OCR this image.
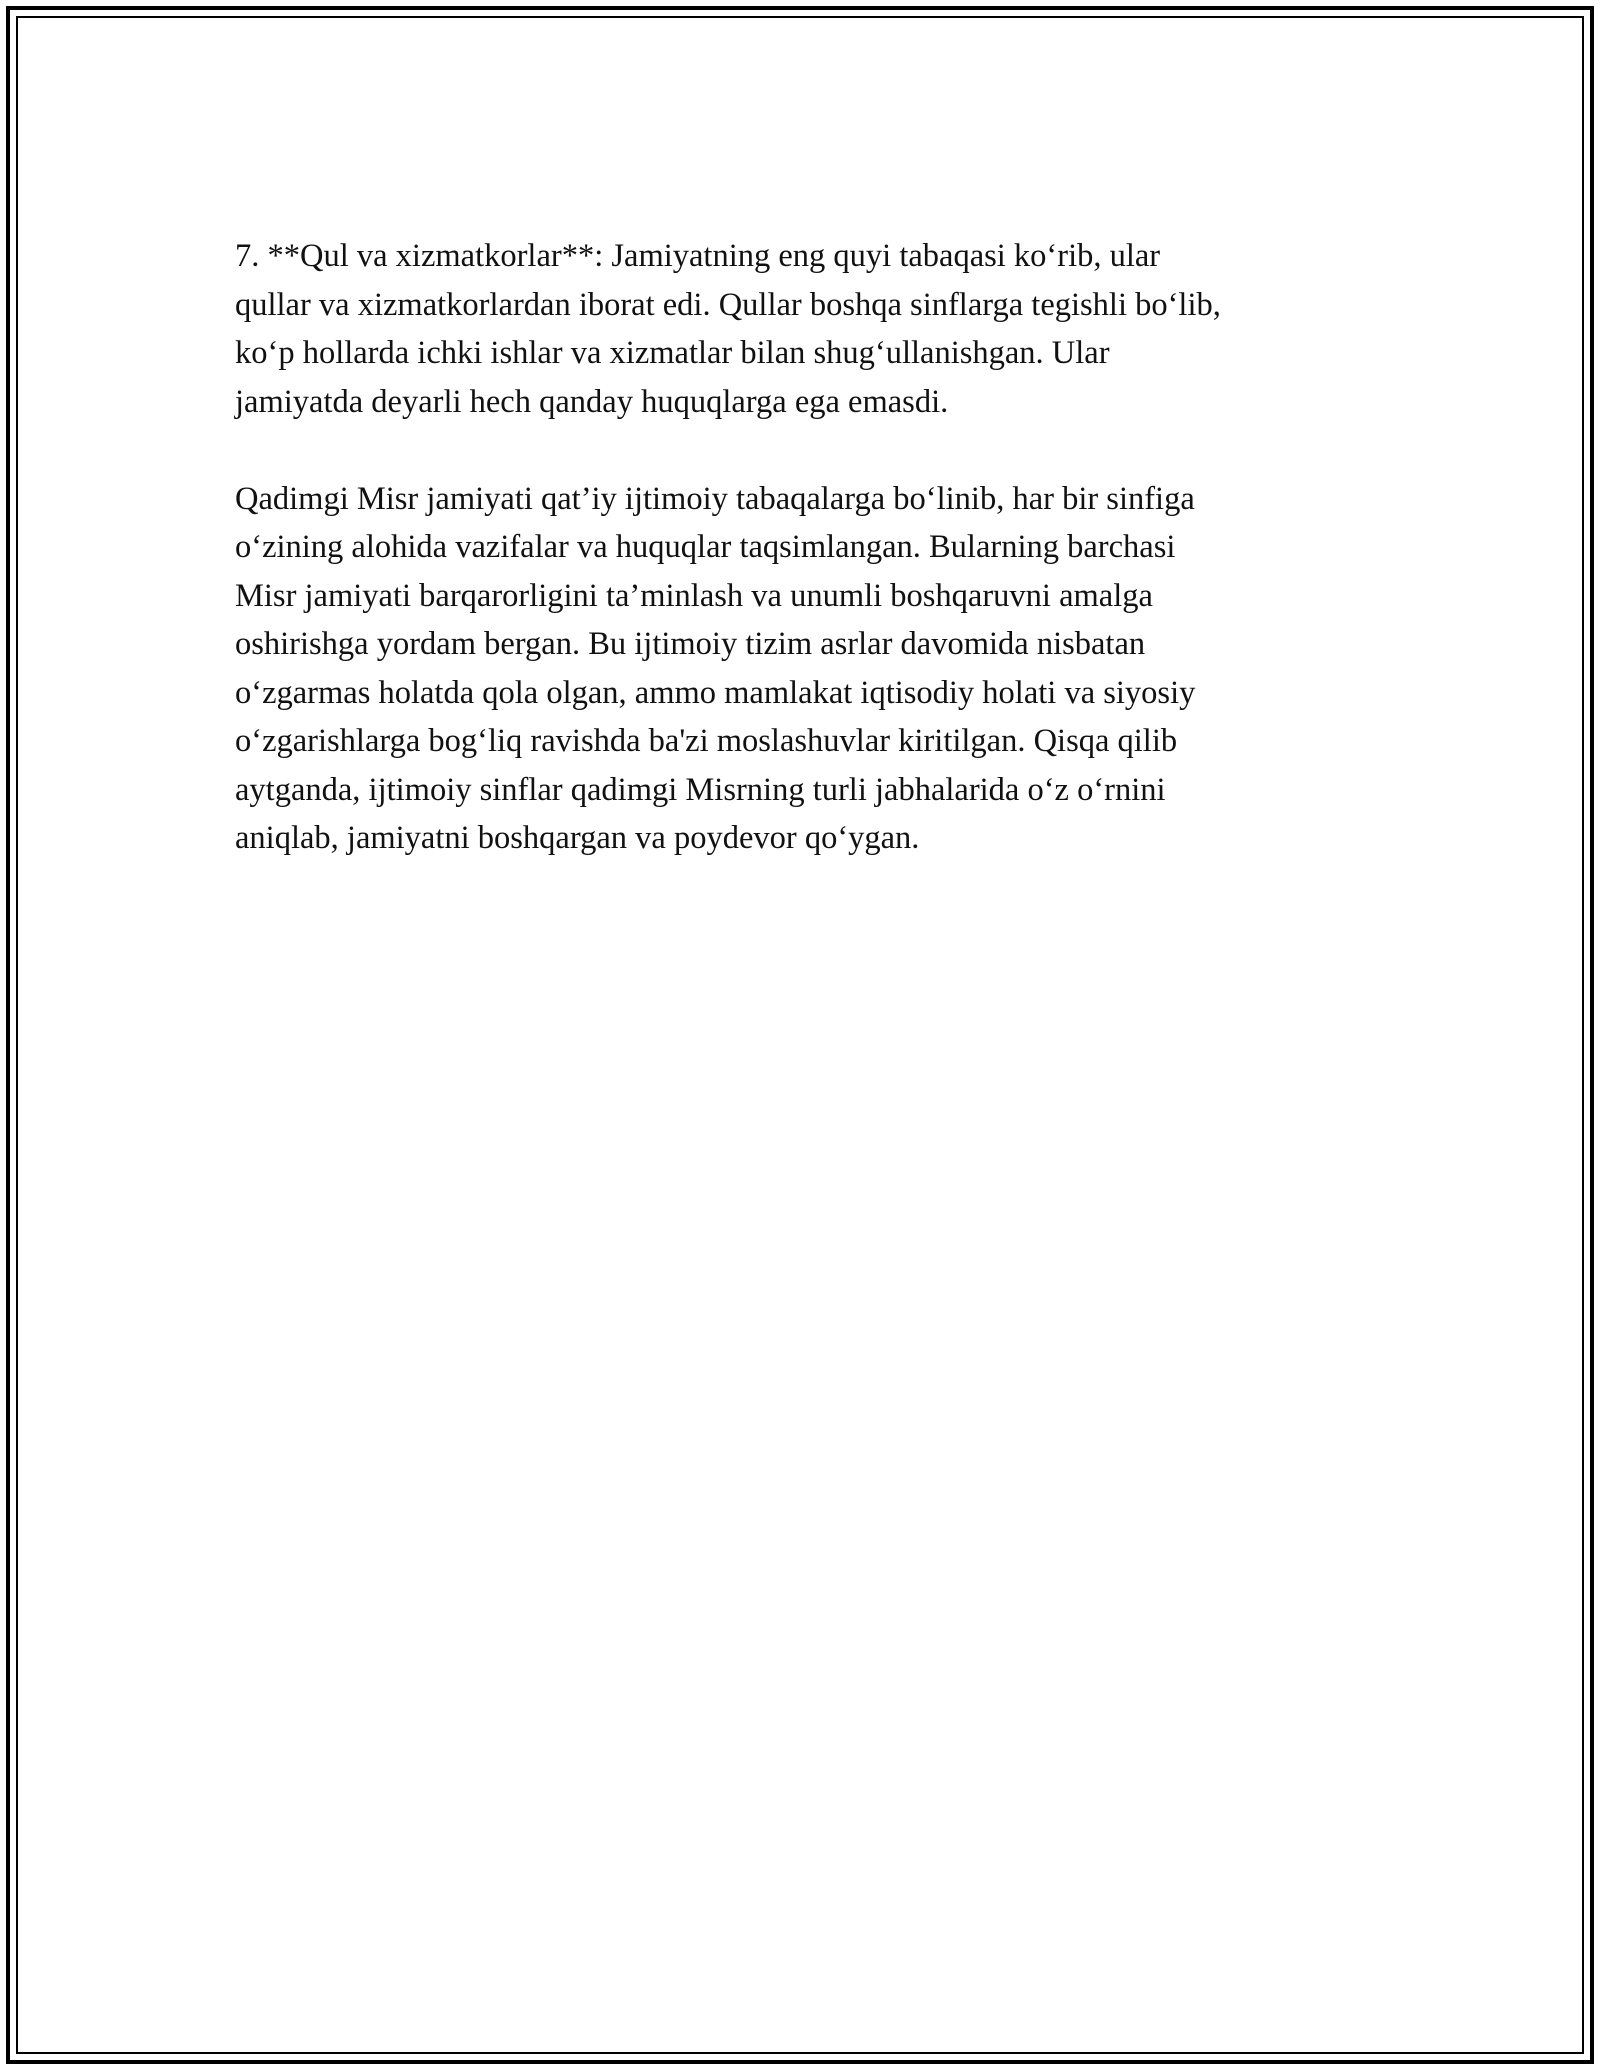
7. **Qul va xizmatkorlar**: Jamiyatning eng quyi tabaqasi ko‘rib, ular
qullar va xizmatkorlardan iborat edi. Qullar boshqa sinflarga tegishli bo‘lib,
ko‘p hollarda ichki ishlar va xizmatlar bilan shug‘ullanishgan. Ular
jamiyatda deyarli hech qanday huquqlarga ega emasdi.

Qadimgi Misr jamiyati qat’iy ijtimoiy tabaqalarga bo‘linib, har bir sinfiga
o‘zining alohida vazifalar va huquqlar taqsimlangan. Bularning barchasi
Misr jamiyati barqarorligini ta’minlash va unumli boshqaruvni amalga
oshirishga yordam bergan. Bu ijtimoiy tizim asrlar davomida nisbatan
o‘zgarmas holatda qola olgan, ammo mamlakat iqtisodiy holati va siyosiy
o‘zgarishlarga bog‘liq ravishda ba'zi moslashuvlar kiritilgan. Qisqa qilib
aytganda, ijtimoiy sinflar qadimgi Misrning turli jabhalarida o‘z o‘rnini
aniqlab, jamiyatni boshqargan va poydevor qo‘ygan.
